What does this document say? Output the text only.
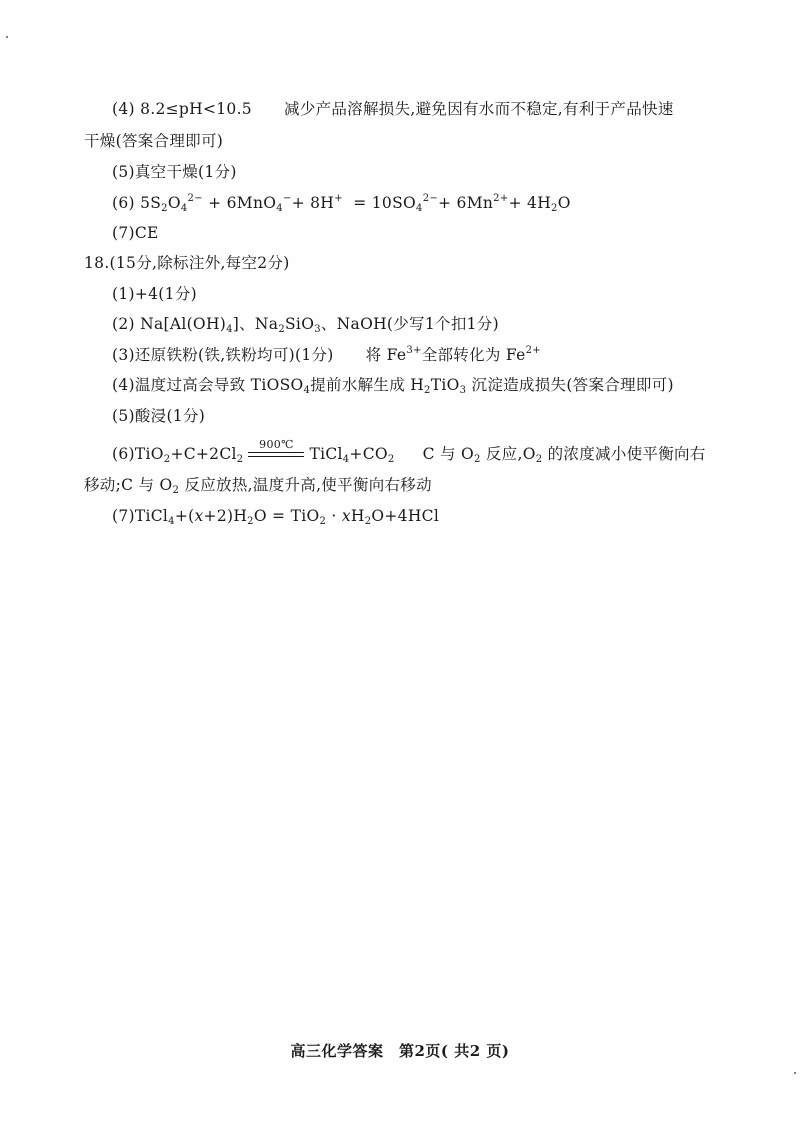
(4) 8.2≤pH<10.5 减少产品溶解损失,避免因有水而不稳定,有利于产品快速
干燥(答案合理即可)
(5)真空干燥(1分)
(6) $5S_2O_4^{2-} + 6MnO_4^-+ 8H^+ = 10SO_4^{2-}+ 6Mn^{2+}+ 4H_2O$
(7)CE
18.(15分,除标注外,每空2分)
(1)+4(1分)
(2) $Na[Al(OH)_4]$、$Na_2SiO_3$、NaOH(少写1个扣1分)
(3)还原铁粉(铁,铁粉均可)(1分) 将 $Fe^{3+}$全部转化为 $Fe^{2+}$
(4)温度过高会导致 TiOSO$_4$提前水解生成 $H_2TiO_3$ 沉淀造成损失(答案合理即可)
(5)酸浸(1分)
$(6)TiO_2+C+2Cl_2$
900℃
$TiCl_4+CO_2$ C 与 $O_2$ 反应$,O_2$ 的浓度减小使平衡向右
移动;C 与 $O_2$ 反应放热,温度升高,使平衡向右移动
$(7)TiCl_4+(x+2)H_2O = TiO_2 \cdot xH_2O+4HCl$
高三化学答案　第2页( 共2 页)
